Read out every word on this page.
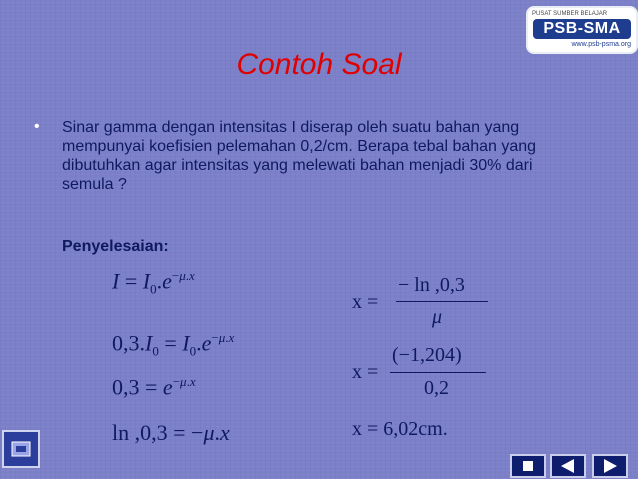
PUSAT SUMBER BELAJAR
PSB-SMA
www.psb-psma.org
Contoh Soal
• Sinar gamma dengan intensitas I diserap oleh suatu bahan yang mempunyai koefisien pelemahan 0,2/cm. Berapa tebal bahan yang dibutuhkan agar intensitas yang melewati bahan menjadi 30% dari semula ?

Penyelesaian:
$I = I_0.e^{-\mu.x}$
$0,3.I_0 = I_0.e^{-\mu.x}$
$0,3 = e^{-\mu.x}$
ln ,0,3 = −μ.x
x =
− ln ,0,3
μ
x =
(−1,204)
0,2
x = 6,02cm.
